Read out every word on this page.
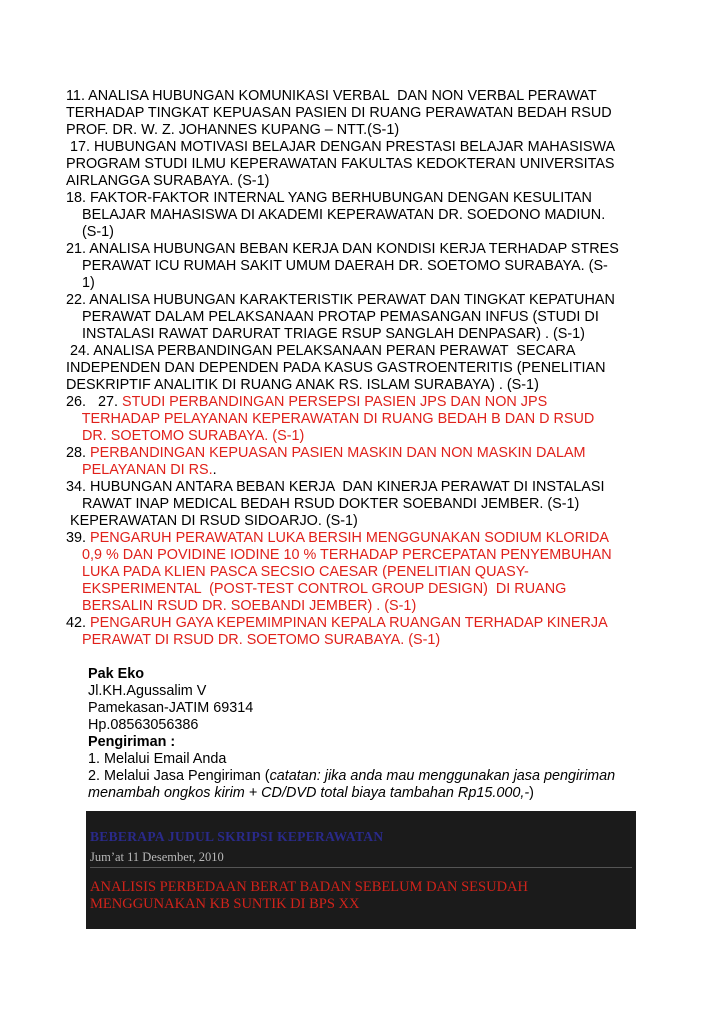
11. ANALISA HUBUNGAN KOMUNIKASI VERBAL  DAN NON VERBAL PERAWAT
TERHADAP TINGKAT KEPUASAN PASIEN DI RUANG PERAWATAN BEDAH RSUD
PROF. DR. W. Z. JOHANNES KUPANG – NTT.(S-1)
17. HUBUNGAN MOTIVASI BELAJAR DENGAN PRESTASI BELAJAR MAHASISWA
PROGRAM STUDI ILMU KEPERAWATAN FAKULTAS KEDOKTERAN UNIVERSITAS
AIRLANGGA SURABAYA. (S-1)
18. FAKTOR-FAKTOR INTERNAL YANG BERHUBUNGAN DENGAN KESULITAN
BELAJAR MAHASISWA DI AKADEMI KEPERAWATAN DR. SOEDONO MADIUN.
(S-1)
21. ANALISA HUBUNGAN BEBAN KERJA DAN KONDISI KERJA TERHADAP STRES
PERAWAT ICU RUMAH SAKIT UMUM DAERAH DR. SOETOMO SURABAYA. (S-
1)
22. ANALISA HUBUNGAN KARAKTERISTIK PERAWAT DAN TINGKAT KEPATUHAN
PERAWAT DALAM PELAKSANAAN PROTAP PEMASANGAN INFUS (STUDI DI
INSTALASI RAWAT DARURAT TRIAGE RSUP SANGLAH DENPASAR) . (S-1)
24. ANALISA PERBANDINGAN PELAKSANAAN PERAN PERAWAT  SECARA
INDEPENDEN DAN DEPENDEN PADA KASUS GASTROENTERITIS (PENELITIAN
DESKRIPTIF ANALITIK DI RUANG ANAK RS. ISLAM SURABAYA) . (S-1)
26.   27. STUDI PERBANDINGAN PERSEPSI PASIEN JPS DAN NON JPS
TERHADAP PELAYANAN KEPERAWATAN DI RUANG BEDAH B DAN D RSUD
DR. SOETOMO SURABAYA. (S-1)
28. PERBANDINGAN KEPUASAN PASIEN MASKIN DAN NON MASKIN DALAM
PELAYANAN DI RS..
34. HUBUNGAN ANTARA BEBAN KERJA  DAN KINERJA PERAWAT DI INSTALASI
RAWAT INAP MEDICAL BEDAH RSUD DOKTER SOEBANDI JEMBER. (S-1)
KEPERAWATAN DI RSUD SIDOARJO. (S-1)
39. PENGARUH PERAWATAN LUKA BERSIH MENGGUNAKAN SODIUM KLORIDA
0,9 % DAN POVIDINE IODINE 10 % TERHADAP PERCEPATAN PENYEMBUHAN
LUKA PADA KLIEN PASCA SECSIO CAESAR (PENELITIAN QUASY-
EKSPERIMENTAL  (POST-TEST CONTROL GROUP DESIGN)  DI RUANG
BERSALIN RSUD DR. SOEBANDI JEMBER) . (S-1)
42. PENGARUH GAYA KEPEMIMPINAN KEPALA RUANGAN TERHADAP KINERJA
PERAWAT DI RSUD DR. SOETOMO SURABAYA. (S-1)
Pak Eko
Jl.KH.Agussalim V
Pamekasan-JATIM 69314
Hp.08563056386
Pengiriman :
1. Melalui Email Anda
2. Melalui Jasa Pengiriman (catatan: jika anda mau menggunakan jasa pengiriman
menambah ongkos kirim + CD/DVD total biaya tambahan Rp15.000,-)
BEBERAPA JUDUL SKRIPSI KEPERAWATAN
Jum’at 11 Desember, 2010
ANALISIS PERBEDAAN BERAT BADAN SEBELUM DAN SESUDAH
MENGGUNAKAN KB SUNTIK DI BPS XX
